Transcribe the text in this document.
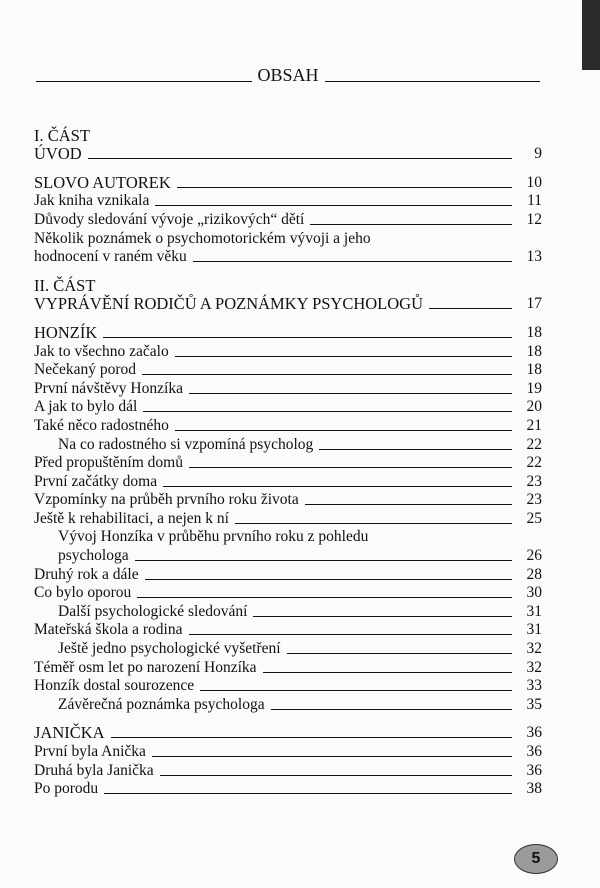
OBSAH
I. ČÁST
ÚVOD	9
SLOVO AUTOREK	10
Jak kniha vznikala	11
Důvody sledování vývoje „rizikových“ dětí	12
Několik poznámek o psychomotorickém vývoji a jeho
hodnocení v raném věku	13
II. ČÁST
VYPRÁVĚNÍ RODIČŮ A POZNÁMKY PSYCHOLOGŮ	17
HONZÍK	18
Jak to všechno začalo	18
Nečekaný porod	18
První návštěvy Honzíka	19
A jak to bylo dál	20
Také něco radostného	21
Na co radostného si vzpomíná psycholog	22
Před propuštěním domů	22
První začátky doma	23
Vzpomínky na průběh prvního roku života	23
Ještě k rehabilitaci, a nejen k ní	25
Vývoj Honzíka v průběhu prvního roku z pohledu
psychologa	26
Druhý rok a dále	28
Co bylo oporou	30
Další psychologické sledování	31
Mateřská škola a rodina	31
Ještě jedno psychologické vyšetření	32
Téměř osm let po narození Honzíka	32
Honzík dostal sourozence	33
Závěrečná poznámka psychologa	35
JANIČKA	36
První byla Anička	36
Druhá byla Janička	36
Po porodu	38
5
